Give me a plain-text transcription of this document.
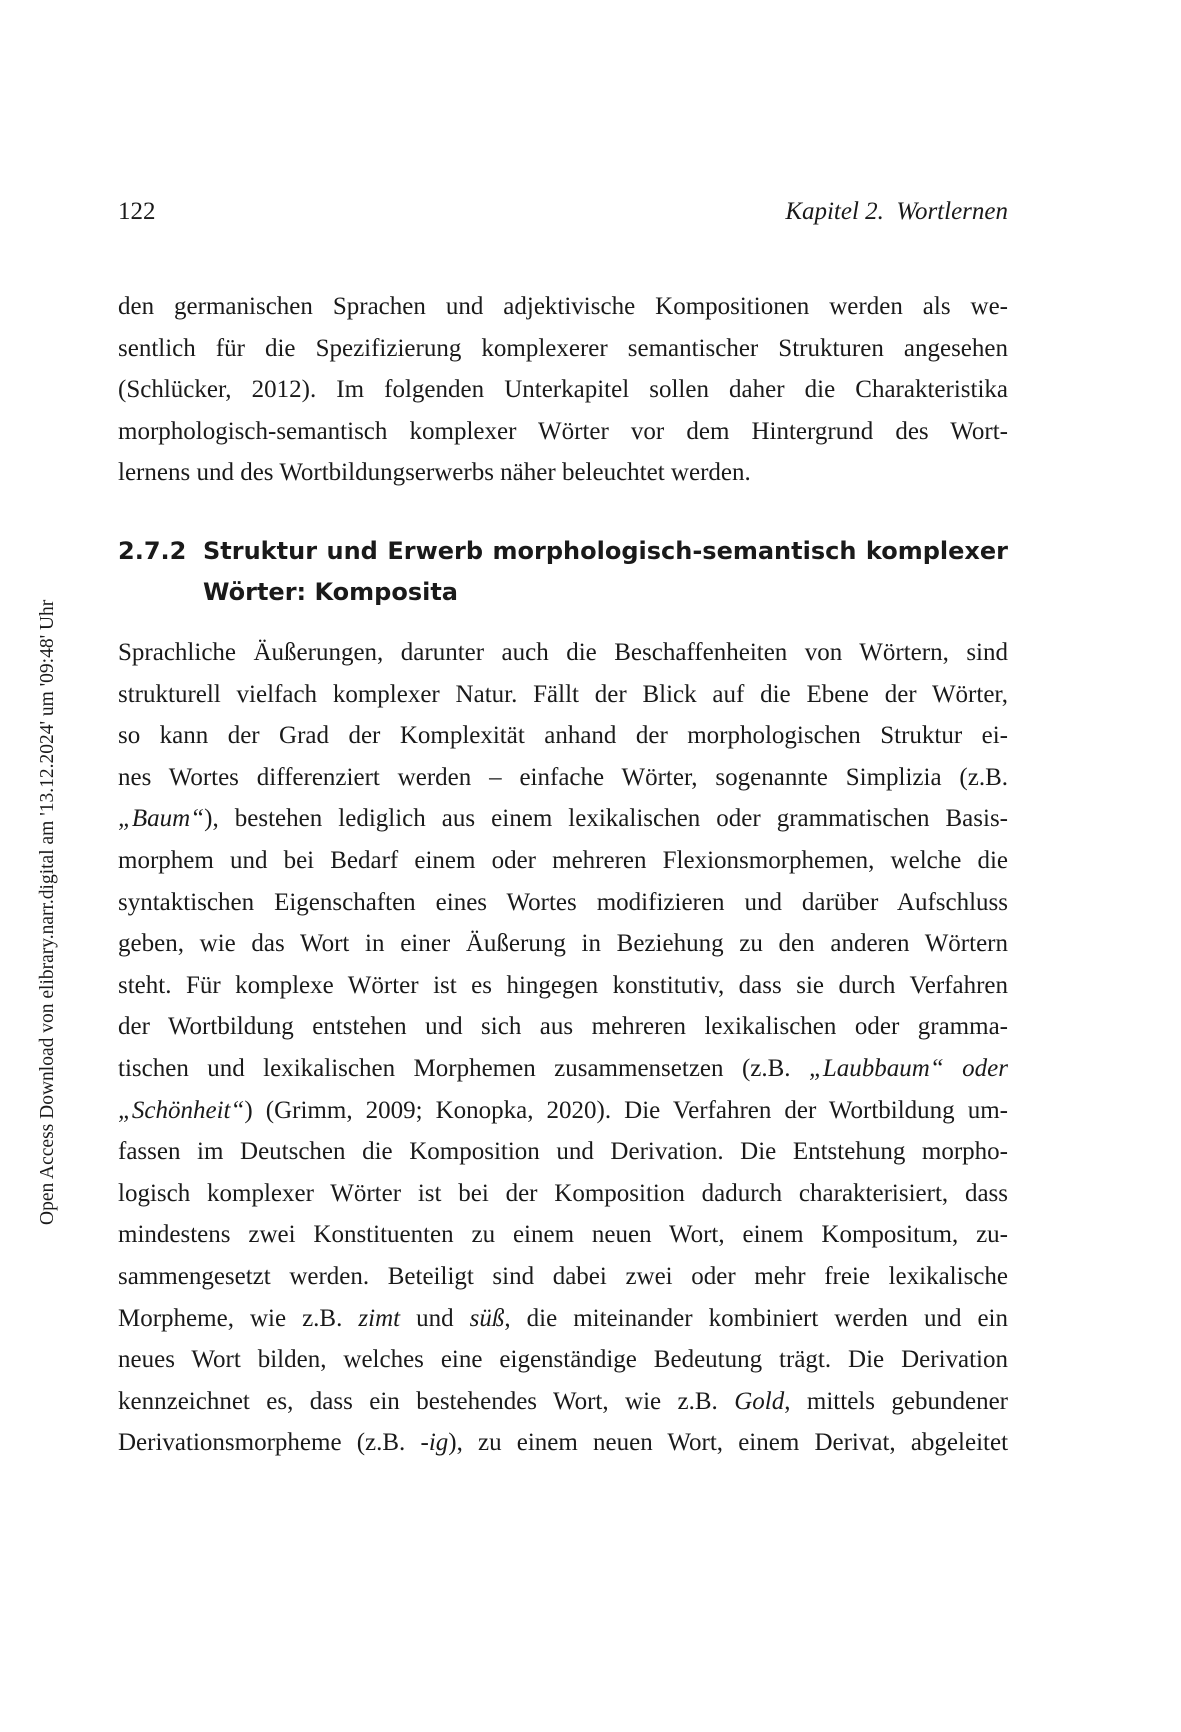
122	Kapitel 2.  Wortlernen
Open Access Download von elibrary.narr.digital am '13.12.2024' um '09:48' Uhr
den germanischen Sprachen und adjektivische Kompositionen werden als we-
sentlich für die Spezifizierung komplexerer semantischer Strukturen angesehen
(Schlücker, 2012). Im folgenden Unterkapitel sollen daher die Charakteristika
morphologisch-semantisch komplexer Wörter vor dem Hintergrund des Wort-
lernens und des Wortbildungserwerbs näher beleuchtet werden.
2.7.2 Struktur und Erwerb morphologisch-semantisch komplexer
Wörter: Komposita
Sprachliche Äußerungen, darunter auch die Beschaffenheiten von Wörtern, sind
strukturell vielfach komplexer Natur. Fällt der Blick auf die Ebene der Wörter,
so kann der Grad der Komplexität anhand der morphologischen Struktur ei-
nes Wortes differenziert werden – einfache Wörter, sogenannte Simplizia (z.B.
„Baum“), bestehen lediglich aus einem lexikalischen oder grammatischen Basis-
morphem und bei Bedarf einem oder mehreren Flexionsmorphemen, welche die
syntaktischen Eigenschaften eines Wortes modifizieren und darüber Aufschluss
geben, wie das Wort in einer Äußerung in Beziehung zu den anderen Wörtern
steht. Für komplexe Wörter ist es hingegen konstitutiv, dass sie durch Verfahren
der Wortbildung entstehen und sich aus mehreren lexikalischen oder gramma-
tischen und lexikalischen Morphemen zusammensetzen (z.B. „Laubbaum“ oder
„Schönheit“) (Grimm, 2009; Konopka, 2020). Die Verfahren der Wortbildung um-
fassen im Deutschen die Komposition und Derivation. Die Entstehung morpho-
logisch komplexer Wörter ist bei der Komposition dadurch charakterisiert, dass
mindestens zwei Konstituenten zu einem neuen Wort, einem Kompositum, zu-
sammengesetzt werden. Beteiligt sind dabei zwei oder mehr freie lexikalische
Morpheme, wie z.B. zimt und süß, die miteinander kombiniert werden und ein
neues Wort bilden, welches eine eigenständige Bedeutung trägt. Die Derivation
kennzeichnet es, dass ein bestehendes Wort, wie z.B. Gold, mittels gebundener
Derivationsmorpheme (z.B. -ig), zu einem neuen Wort, einem Derivat, abgeleitet
